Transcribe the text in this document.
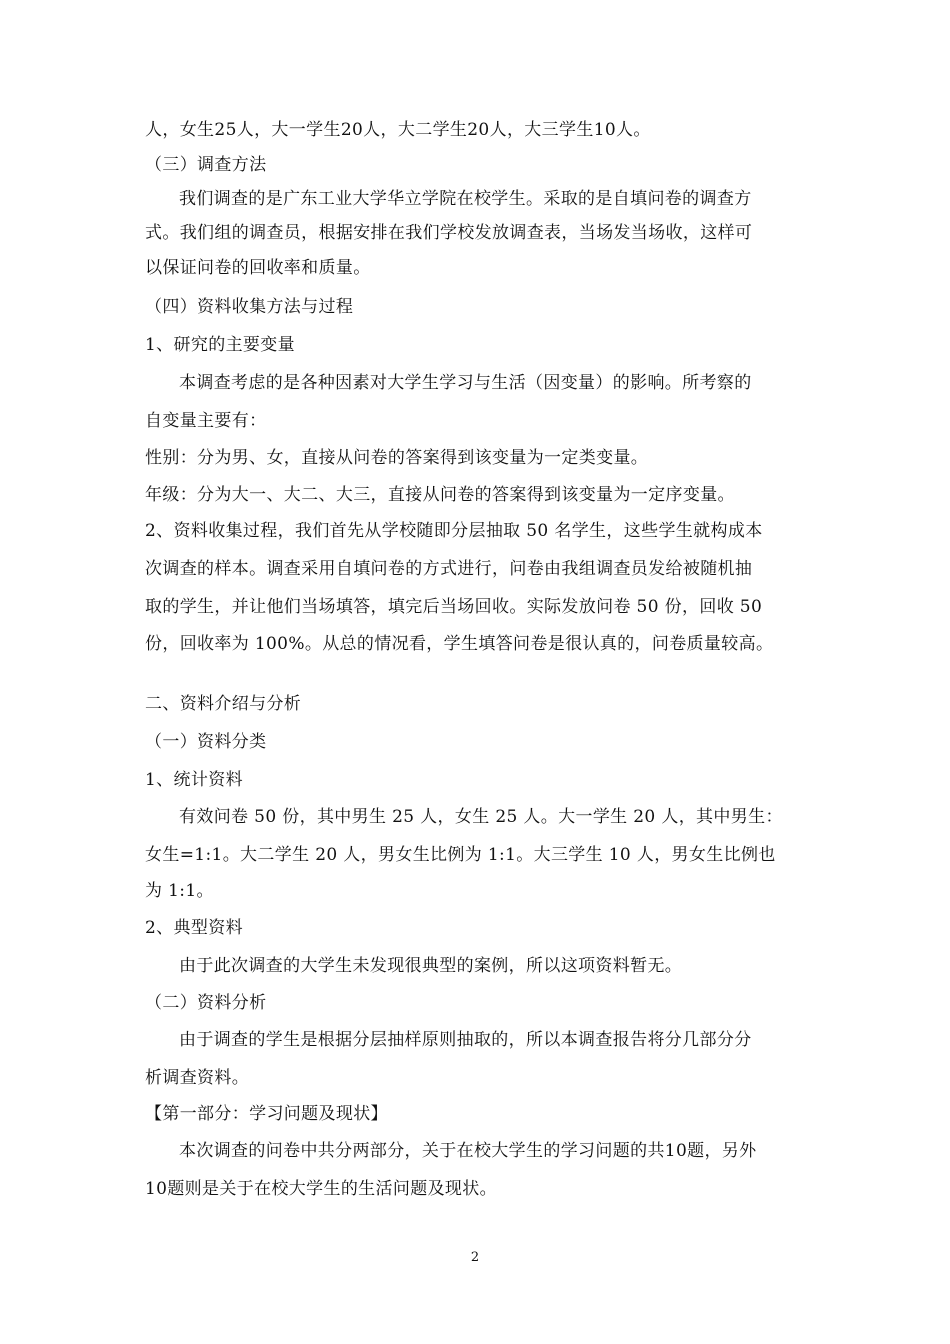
人，女生25人，大一学生20人，大二学生20人，大三学生10人。
（三）调查方法
我们调查的是广东工业大学华立学院在校学生。采取的是自填问卷的调查方
式。我们组的调查员，根据安排在我们学校发放调查表，当场发当场收，这样可
以保证问卷的回收率和质量。
（四）资料收集方法与过程
1、研究的主要变量
本调查考虑的是各种因素对大学生学习与生活（因变量）的影响。所考察的
自变量主要有：
性别：分为男、女，直接从问卷的答案得到该变量为一定类变量。
年级：分为大一、大二、大三，直接从问卷的答案得到该变量为一定序变量。
2、资料收集过程，我们首先从学校随即分层抽取 50 名学生，这些学生就构成本
次调查的样本。调查采用自填问卷的方式进行，问卷由我组调查员发给被随机抽
取的学生，并让他们当场填答，填完后当场回收。实际发放问卷 50 份，回收 50
份，回收率为 100%。从总的情况看，学生填答问卷是很认真的，问卷质量较高。
二、资料介绍与分析
（一）资料分类
1、统计资料
有效问卷 50 份，其中男生 25 人，女生 25 人。大一学生 20 人，其中男生：
女生=1:1。大二学生 20 人，男女生比例为 1:1。大三学生 10 人，男女生比例也
为 1:1。
2、典型资料
由于此次调查的大学生未发现很典型的案例，所以这项资料暂无。
（二）资料分析
由于调查的学生是根据分层抽样原则抽取的，所以本调查报告将分几部分分
析调查资料。
【第一部分：学习问题及现状】
本次调查的问卷中共分两部分，关于在校大学生的学习问题的共10题，另外
10题则是关于在校大学生的生活问题及现状。
2
